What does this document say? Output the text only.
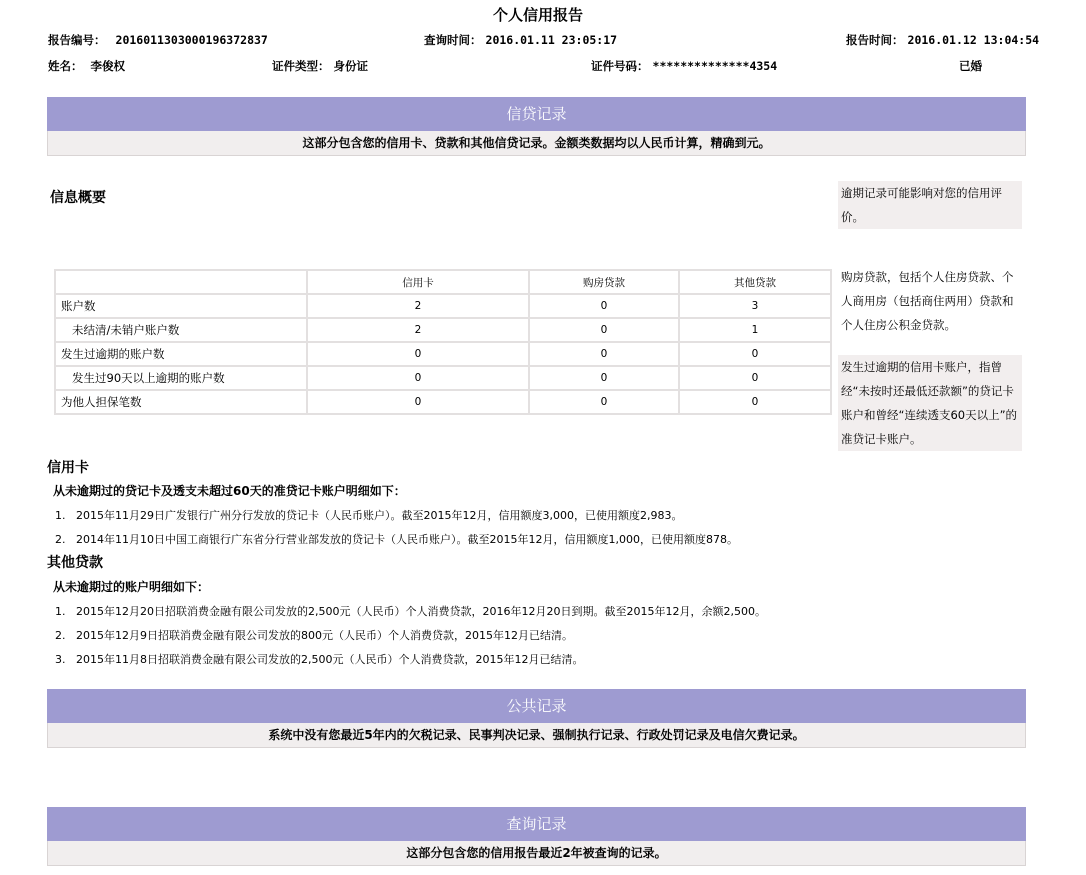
个人信用报告
报告编号： 2016011303000196372837	查询时间： 2016.01.11 23:05:17	报告时间： 2016.01.12 13:04:54
姓名： 李俊权	证件类型： 身份证	证件号码： **************4354	已婚
信贷记录
这部分包含您的信用卡、贷款和其他信贷记录。金额类数据均以人民币计算，精确到元。
信息概要
	信用卡	购房贷款	其他贷款
账户数	2	0	3
未结清/未销户账户数	2	0	1
发生过逾期的账户数	0	0	0
发生过90天以上逾期的账户数	0	0	0
为他人担保笔数	0	0	0
逾期记录可能影响对您的信用评价。
购房贷款，包括个人住房贷款、个人商用房（包括商住两用）贷款和个人住房公积金贷款。
发生过逾期的信用卡账户，指曾经“未按时还最低还款额”的贷记卡账户和曾经“连续透支60天以上”的准贷记卡账户。
信用卡
从未逾期过的贷记卡及透支未超过60天的准贷记卡账户明细如下：
1. 2015年11月29日广发银行广州分行发放的贷记卡（人民币账户）。截至2015年12月，信用额度3,000，已使用额度2,983。
2. 2014年11月10日中国工商银行广东省分行营业部发放的贷记卡（人民币账户）。截至2015年12月，信用额度1,000，已使用额度878。
其他贷款
从未逾期过的账户明细如下：
1. 2015年12月20日招联消费金融有限公司发放的2,500元（人民币）个人消费贷款，2016年12月20日到期。截至2015年12月，余额2,500。
2. 2015年12月9日招联消费金融有限公司发放的800元（人民币）个人消费贷款，2015年12月已结清。
3. 2015年11月8日招联消费金融有限公司发放的2,500元（人民币）个人消费贷款，2015年12月已结清。
公共记录
系统中没有您最近5年内的欠税记录、民事判决记录、强制执行记录、行政处罚记录及电信欠费记录。
查询记录
这部分包含您的信用报告最近2年被查询的记录。
